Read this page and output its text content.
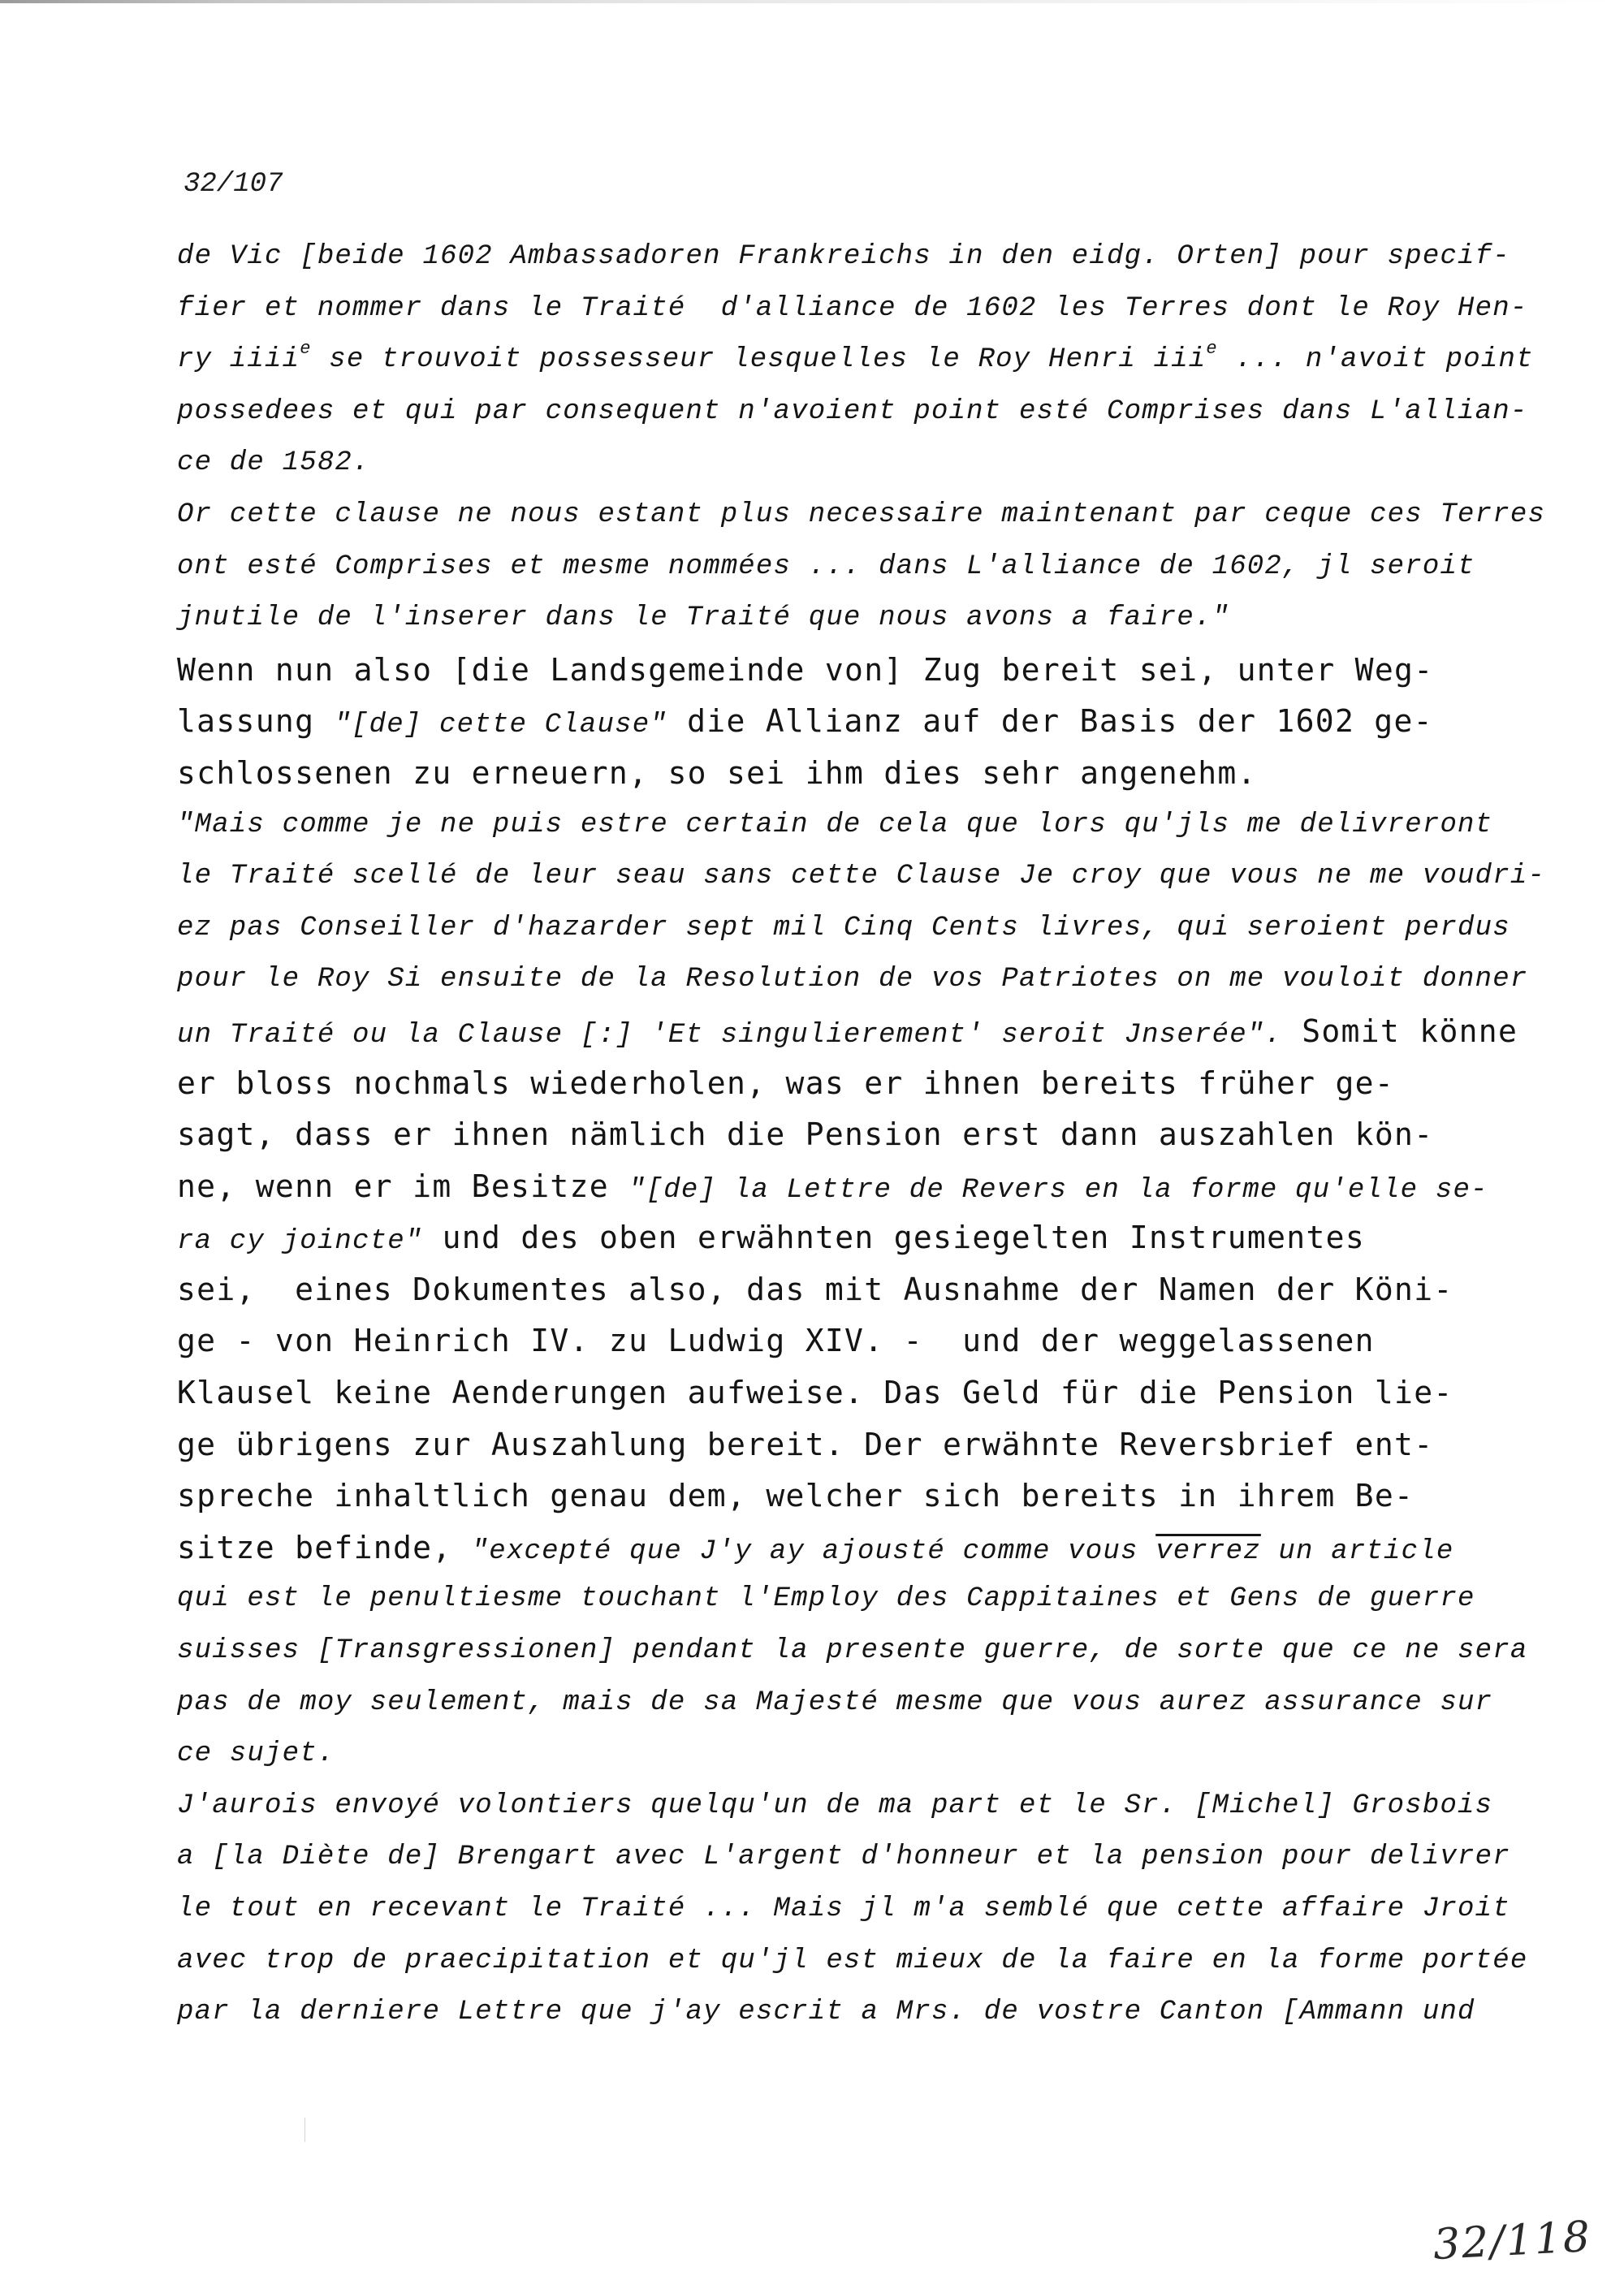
32/107
de Vic [beide 1602 Ambassadoren Frankreichs in den eidg. Orten] pour specif-
fier et nommer dans le Traité  d'alliance de 1602 les Terres dont le Roy Hen-
ry iiiie se trouvoit possesseur lesquelles le Roy Henri iiie ... n'avoit point
possedees et qui par consequent n'avoient point esté Comprises dans L'allian-
ce de 1582.
Or cette clause ne nous estant plus necessaire maintenant par ceque ces Terres
ont esté Comprises et mesme nommées ... dans L'alliance de 1602, jl seroit
jnutile de l'inserer dans le Traité que nous avons a faire."
Wenn nun also [die Landsgemeinde von] Zug bereit sei, unter Weg-
lassung "[de] cette Clause" die Allianz auf der Basis der 1602 ge-
schlossenen zu erneuern, so sei ihm dies sehr angenehm.
"Mais comme je ne puis estre certain de cela que lors qu'jls me delivreront
le Traité scellé de leur seau sans cette Clause Je croy que vous ne me voudri-
ez pas Conseiller d'hazarder sept mil Cinq Cents livres, qui seroient perdus
pour le Roy Si ensuite de la Resolution de vos Patriotes on me vouloit donner
un Traité ou la Clause [:] 'Et singulierement' seroit Jnserée". Somit könne
er bloss nochmals wiederholen, was er ihnen bereits früher ge-
sagt, dass er ihnen nämlich die Pension erst dann auszahlen kön-
ne, wenn er im Besitze "[de] la Lettre de Revers en la forme qu'elle se-
ra cy joincte" und des oben erwähnten gesiegelten Instrumentes
sei,  eines Dokumentes also, das mit Ausnahme der Namen der Köni-
ge - von Heinrich IV. zu Ludwig XIV. -  und der weggelassenen
Klausel keine Aenderungen aufweise. Das Geld für die Pension lie-
ge übrigens zur Auszahlung bereit. Der erwähnte Reversbrief ent-
spreche inhaltlich genau dem, welcher sich bereits in ihrem Be-
sitze befinde, "excepté que J'y ay ajousté comme vous verrez un article
qui est le penultiesme touchant l'Employ des Cappitaines et Gens de guerre
suisses [Transgressionen] pendant la presente guerre, de sorte que ce ne sera
pas de moy seulement, mais de sa Majesté mesme que vous aurez assurance sur
ce sujet.
J'aurois envoyé volontiers quelqu'un de ma part et le Sr. [Michel] Grosbois
a [la Diète de] Brengart avec L'argent d'honneur et la pension pour delivrer
le tout en recevant le Traité ... Mais jl m'a semblé que cette affaire Jroit
avec trop de praecipitation et qu'jl est mieux de la faire en la forme portée
par la derniere Lettre que j'ay escrit a Mrs. de vostre Canton [Ammann und
32/118
